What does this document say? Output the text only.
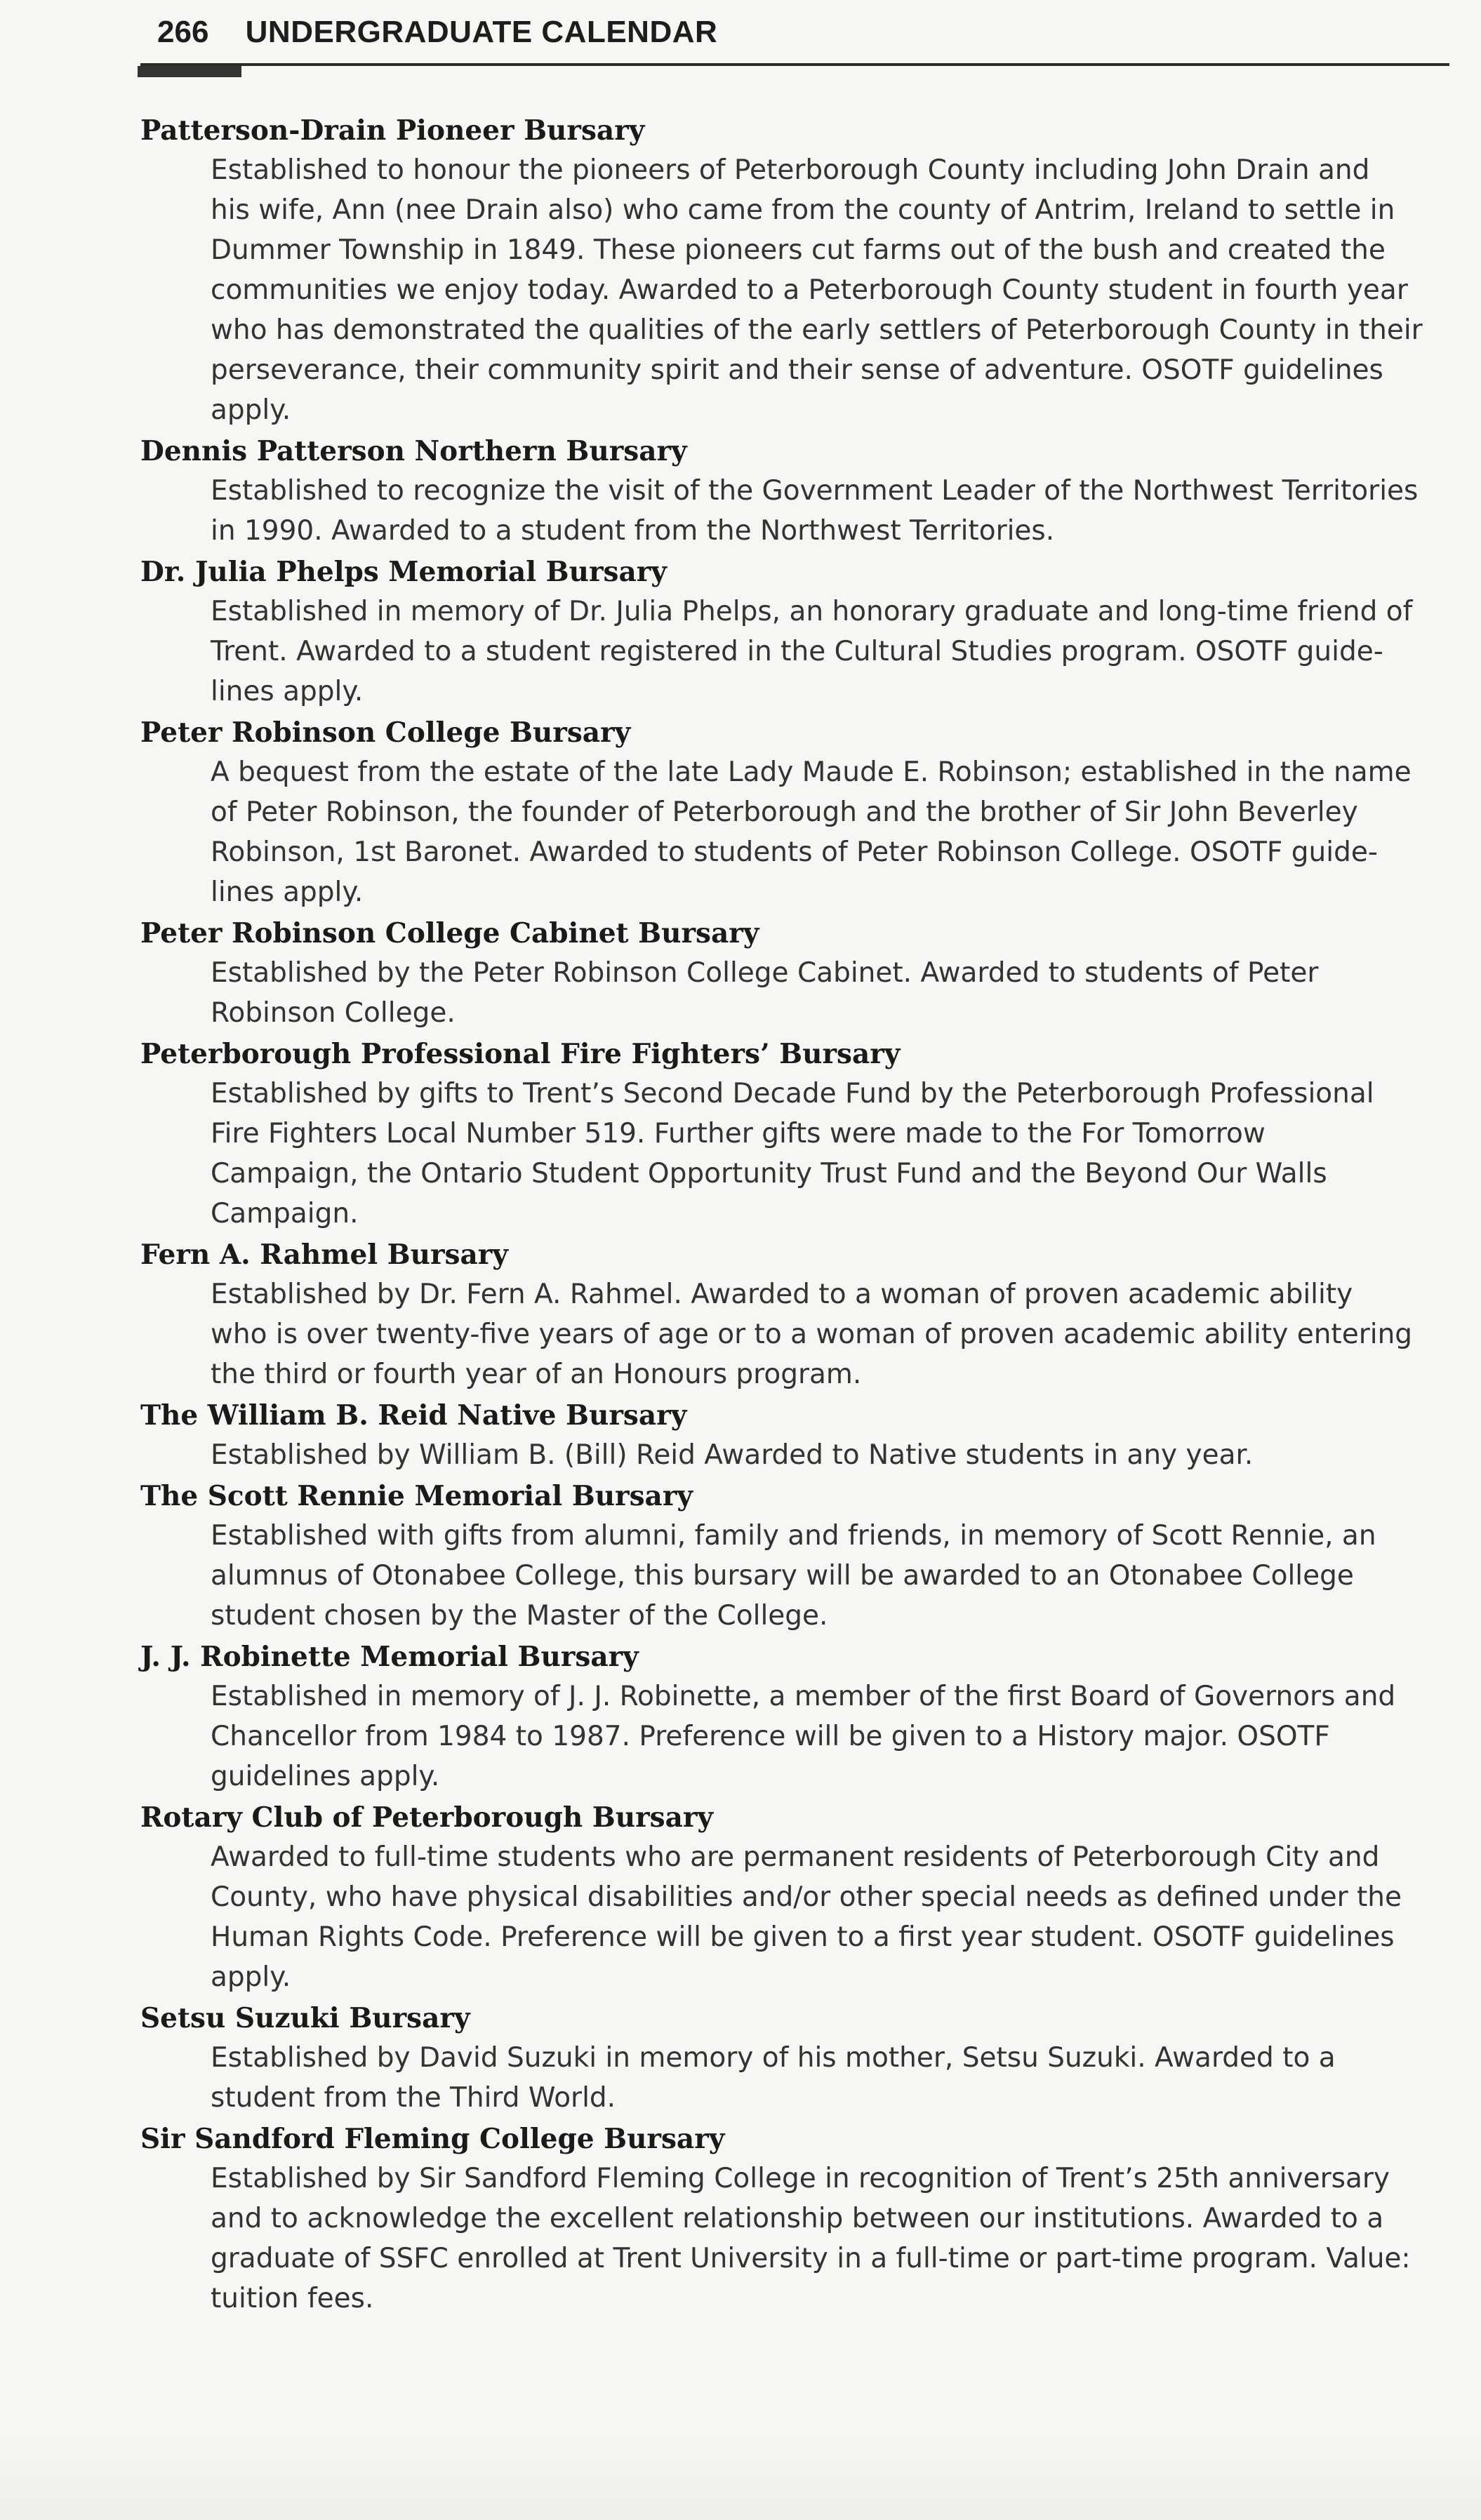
266 UNDERGRADUATE CALENDAR
Patterson-Drain Pioneer Bursary

Established to honour the pioneers of Peterborough County including John Drain and
his wife, Ann (nee Drain also) who came from the county of Antrim, Ireland to settle in
Dummer Township in 1849. These pioneers cut farms out of the bush and created the
communities we enjoy today. Awarded to a Peterborough County student in fourth year
who has demonstrated the qualities of the early settlers of Peterborough County in their
perseverance, their community spirit and their sense of adventure. OSOTF guidelines
apply.

Dennis Patterson Northern Bursary

Established to recognize the visit of the Government Leader of the Northwest Territories
in 1990. Awarded to a student from the Northwest Territories.

Dr. Julia Phelps Memorial Bursary

Established in memory of Dr. Julia Phelps, an honorary graduate and long-time friend of
Trent. Awarded to a student registered in the Cultural Studies program. OSOTF guide-
lines apply.

Peter Robinson College Bursary

A bequest from the estate of the late Lady Maude E. Robinson; established in the name
of Peter Robinson, the founder of Peterborough and the brother of Sir John Beverley
Robinson, 1st Baronet. Awarded to students of Peter Robinson College. OSOTF guide-
lines apply.

Peter Robinson College Cabinet Bursary

Established by the Peter Robinson College Cabinet. Awarded to students of Peter
Robinson College.

Peterborough Professional Fire Fighters’ Bursary

Established by gifts to Trent’s Second Decade Fund by the Peterborough Professional
Fire Fighters Local Number 519. Further gifts were made to the For Tomorrow
Campaign, the Ontario Student Opportunity Trust Fund and the Beyond Our Walls
Campaign.

Fern A. Rahmel Bursary

Established by Dr. Fern A. Rahmel. Awarded to a woman of proven academic ability
who is over twenty-five years of age or to a woman of proven academic ability entering
the third or fourth year of an Honours program.

The William B. Reid Native Bursary

Established by William B. (Bill) Reid Awarded to Native students in any year.

The Scott Rennie Memorial Bursary

Established with gifts from alumni, family and friends, in memory of Scott Rennie, an
alumnus of Otonabee College, this bursary will be awarded to an Otonabee College
student chosen by the Master of the College.

J. J. Robinette Memorial Bursary

Established in memory of J. J. Robinette, a member of the first Board of Governors and
Chancellor from 1984 to 1987. Preference will be given to a History major. OSOTF
guidelines apply.

Rotary Club of Peterborough Bursary

Awarded to full-time students who are permanent residents of Peterborough City and
County, who have physical disabilities and/or other special needs as defined under the
Human Rights Code. Preference will be given to a first year student. OSOTF guidelines
apply.

Setsu Suzuki Bursary

Established by David Suzuki in memory of his mother, Setsu Suzuki. Awarded to a
student from the Third World.

Sir Sandford Fleming College Bursary

Established by Sir Sandford Fleming College in recognition of Trent’s 25th anniversary
and to acknowledge the excellent relationship between our institutions. Awarded to a
graduate of SSFC enrolled at Trent University in a full-time or part-time program. Value:
tuition fees.
